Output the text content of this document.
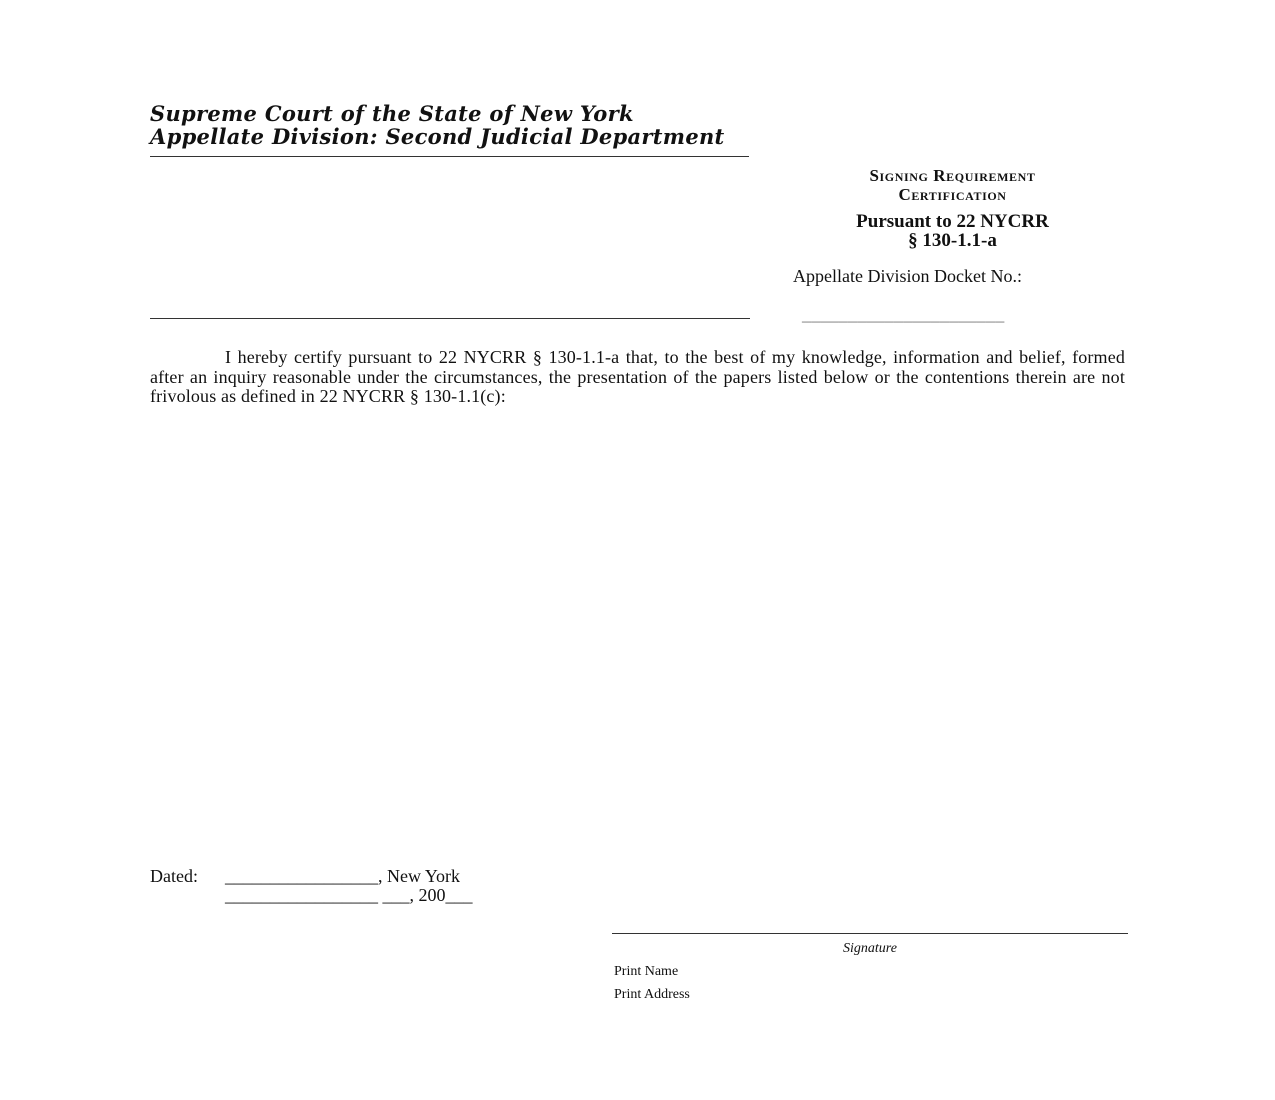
Supreme Court of the State of New York
Appellate Division: Second Judicial Department
Signing Requirement
Certification
Pursuant to 22 NYCRR
§ 130-1.1-a
Appellate Division Docket No.:
______________________
I hereby certify pursuant to 22 NYCRR § 130-1.1-a that, to the best of my knowledge, information and belief, formed after an inquiry reasonable under the circumstances, the presentation of the papers listed below or the contentions therein are not frivolous as defined in 22 NYCRR § 130-1.1(c):
Dated: _________________, New York
_________________ ___, 200___
Signature
Print Name
Print Address
